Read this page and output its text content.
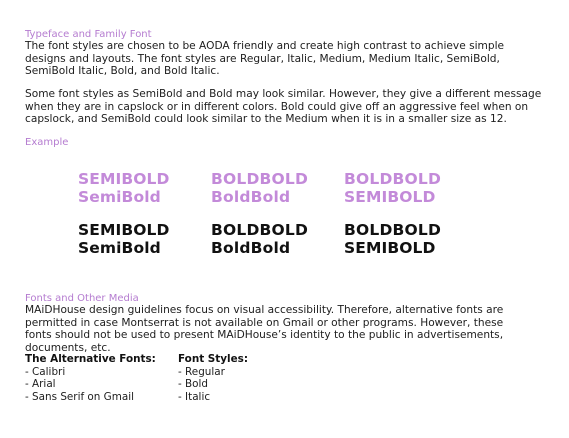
Typeface and Family Font
The font styles are chosen to be AODA friendly and create high contrast to achieve simple designs and layouts. The font styles are Regular, Italic, Medium, Medium Italic, SemiBold, SemiBold Italic, Bold, and Bold Italic.
Some font styles as SemiBold and Bold may look similar. However, they give a different message when they are in capslock or in different colors. Bold could give off an aggressive feel when on capslock, and SemiBold could look similar to the Medium when it is in a smaller size as 12.
Example
SEMIBOLD
SemiBold
BOLDBOLD
BoldBold
BOLDBOLD
SEMIBOLD
SEMIBOLD
SemiBold
BOLDBOLD
BoldBold
BOLDBOLD
SEMIBOLD
Fonts and Other Media
MAiDHouse design guidelines focus on visual accessibility. Therefore, alternative fonts are permitted in case Montserrat is not available on Gmail or other programs. However, these fonts should not be used to present MAiDHouse’s identity to the public in advertisements, documents, etc.
The Alternative Fonts:
- Calibri
- Arial
- Sans Serif on Gmail
Font Styles:
- Regular
- Bold
- Italic
